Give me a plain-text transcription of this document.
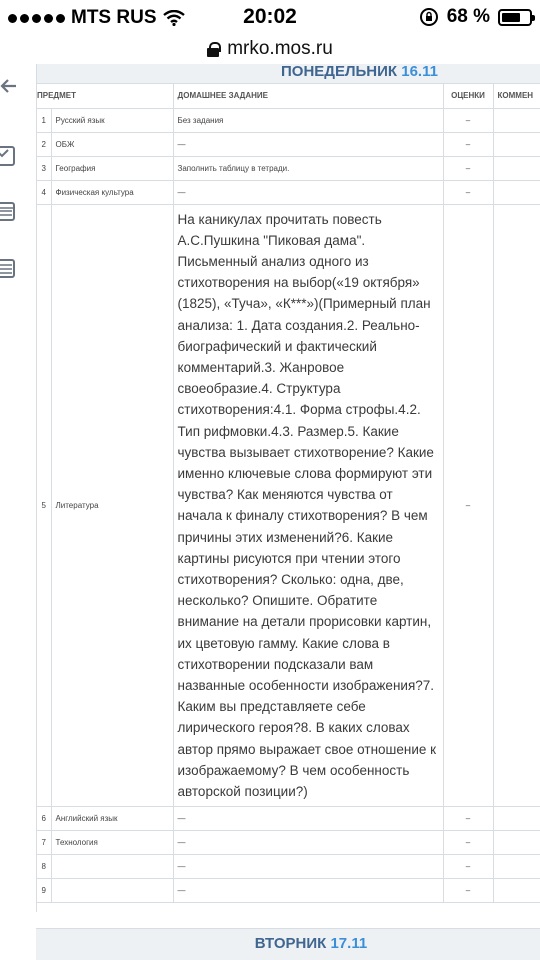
MTS RUS	20:02	68 %
mrko.mos.ru
ПОНЕДЕЛЬНИК 16.11
ПРЕДМЕТ		ДОМАШНЕЕ ЗАДАНИЕ	ОЦЕНКИ	КОММЕН
1	Русский язык	Без задания	–	
2	ОБЖ	—	–	
3	География	Заполнить таблицу в тетради.	–	
4	Физическая культура	—	–	
5	Литература	На каникулах прочитать повесть А.С.Пушкина "Пиковая дама". Письменный анализ одного из стихотворения на выбор(«19 октября» (1825), «Туча», «К***»)(Примерный план анализа: 1. Дата создания.2. Реально-биографический и фактический комментарий.3. Жанровое своеобразие.4. Структура стихотворения:4.1. Форма строфы.4.2. Тип рифмовки.4.3. Размер.5. Какие чувства вызывает стихотворение? Какие именно ключевые слова формируют эти чувства? Как меняются чувства от начала к финалу стихотворения? В чем причины этих изменений?6. Какие картины рисуются при чтении этого стихотворения? Сколько: одна, две, несколько? Опишите. Обратите внимание на детали прорисовки картин, их цветовую гамму. Какие слова в стихотворении подсказали вам названные особенности изображения?7. Каким вы представляете себе лирического героя?8. В каких словах автор прямо выражает свое отношение к изображаемому? В чем особенность авторской позиции?)	–	
6	Английский язык	—	–	
7	Технология	—	–	
8		—	–	
9		—	–	
ВТОРНИК 17.11
